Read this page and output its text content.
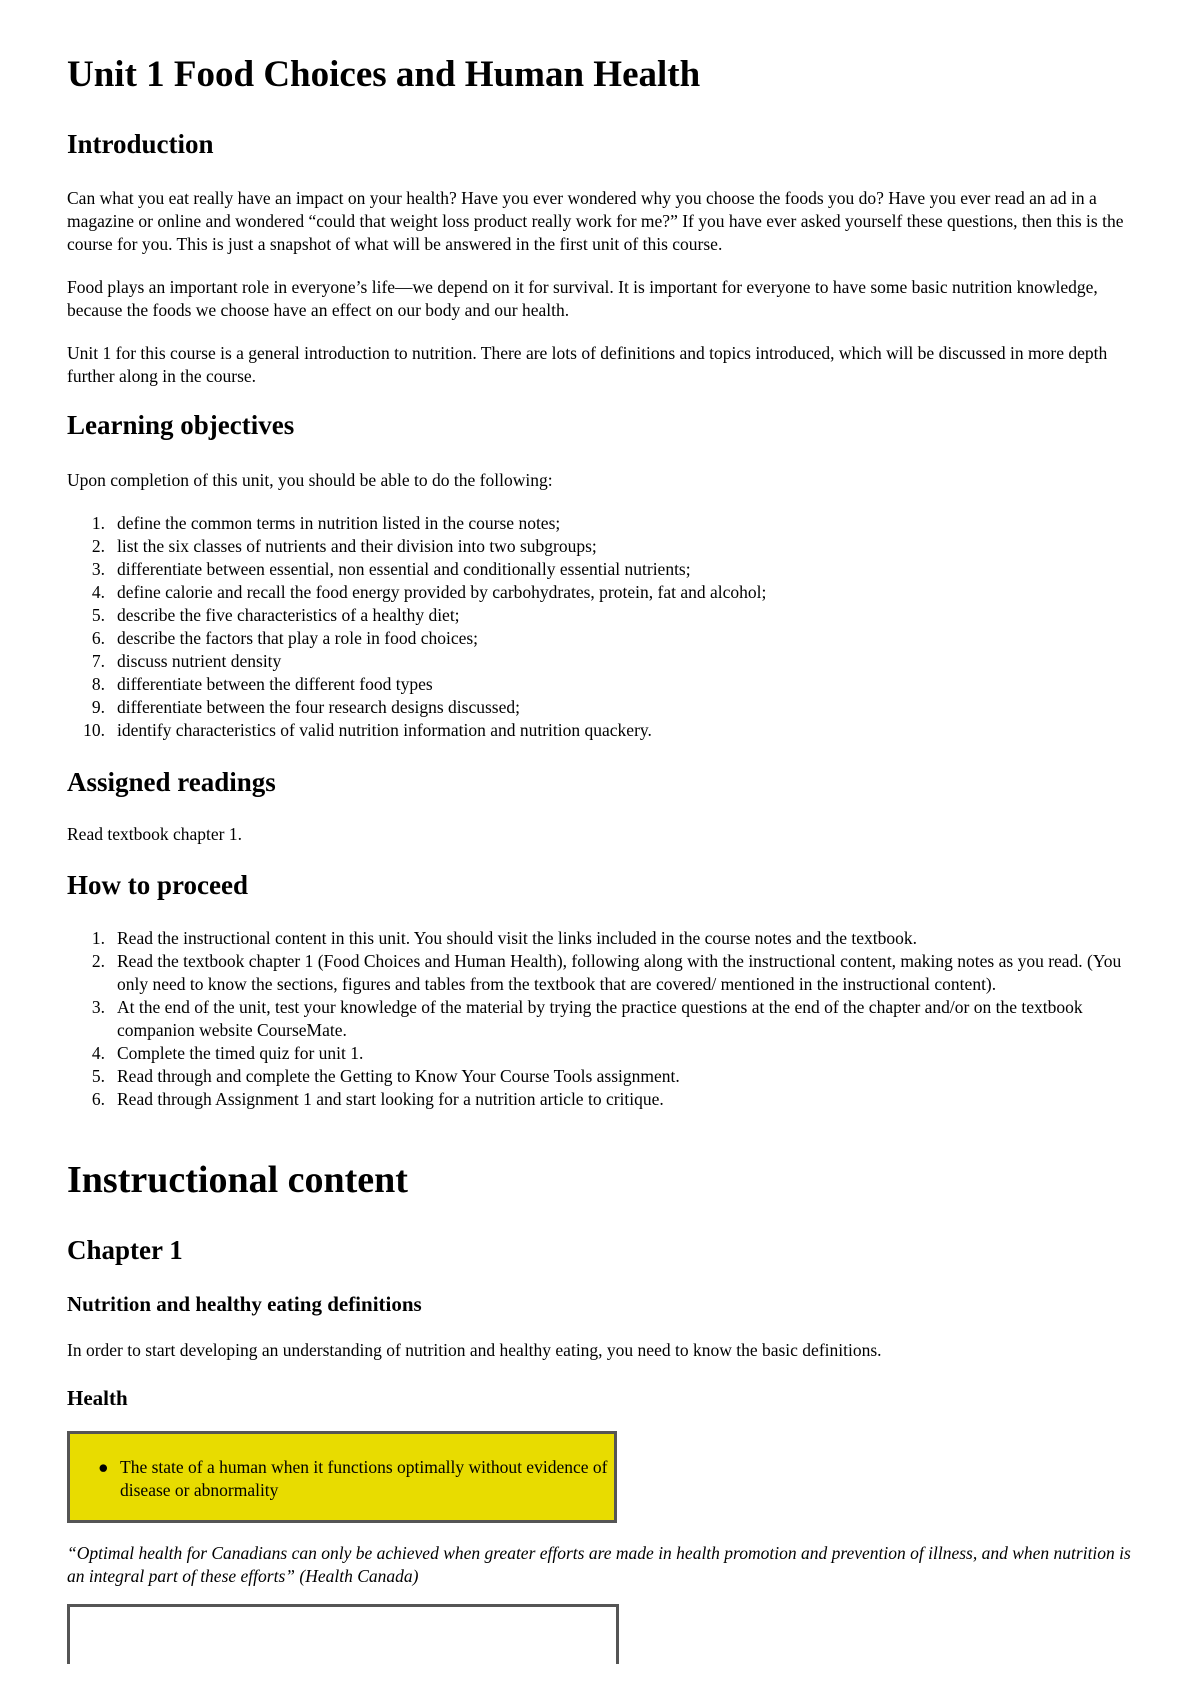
Unit 1 Food Choices and Human Health
Introduction

Can what you eat really have an impact on your health? Have you ever wondered why you choose the foods you do? Have you ever read an ad in a magazine or online and wondered “could that weight loss product really work for me?” If you have ever asked yourself these questions, then this is the course for you. This is just a snapshot of what will be answered in the first unit of this course.

Food plays an important role in everyone’s life—we depend on it for survival. It is important for everyone to have some basic nutrition knowledge, because the foods we choose have an effect on our body and our health.

Unit 1 for this course is a general introduction to nutrition. There are lots of definitions and topics introduced, which will be discussed in more depth further along in the course.

Learning objectives

Upon completion of this unit, you should be able to do the following:

1. define the common terms in nutrition listed in the course notes;
2. list the six classes of nutrients and their division into two subgroups;
3. differentiate between essential, non essential and conditionally essential nutrients;
4. define calorie and recall the food energy provided by carbohydrates, protein, fat and alcohol;
5. describe the five characteristics of a healthy diet;
6. describe the factors that play a role in food choices;
7. discuss nutrient density
8. differentiate between the different food types
9. differentiate between the four research designs discussed;
10. identify characteristics of valid nutrition information and nutrition quackery.
Assigned readings

Read textbook chapter 1.

How to proceed
1. Read the instructional content in this unit. You should visit the links included in the course notes and the textbook.
2. Read the textbook chapter 1 (Food Choices and Human Health), following along with the instructional content, making notes as you read. (You only need to know the sections, figures and tables from the textbook that are covered/ mentioned in the instructional content).
3. At the end of the unit, test your knowledge of the material by trying the practice questions at the end of the chapter and/or on the textbook companion website CourseMate.
4. Complete the timed quiz for unit 1.
5. Read through and complete the Getting to Know Your Course Tools assignment.
6. Read through Assignment 1 and start looking for a nutrition article to critique.
Instructional content
Chapter 1
Nutrition and healthy eating definitions

In order to start developing an understanding of nutrition and healthy eating, you need to know the basic definitions.

Health
● The state of a human when it functions optimally without evidence of disease or abnormality

“Optimal health for Canadians can only be achieved when greater efforts are made in health promotion and prevention of illness, and when nutrition is an integral part of these efforts” (Health Canada)
